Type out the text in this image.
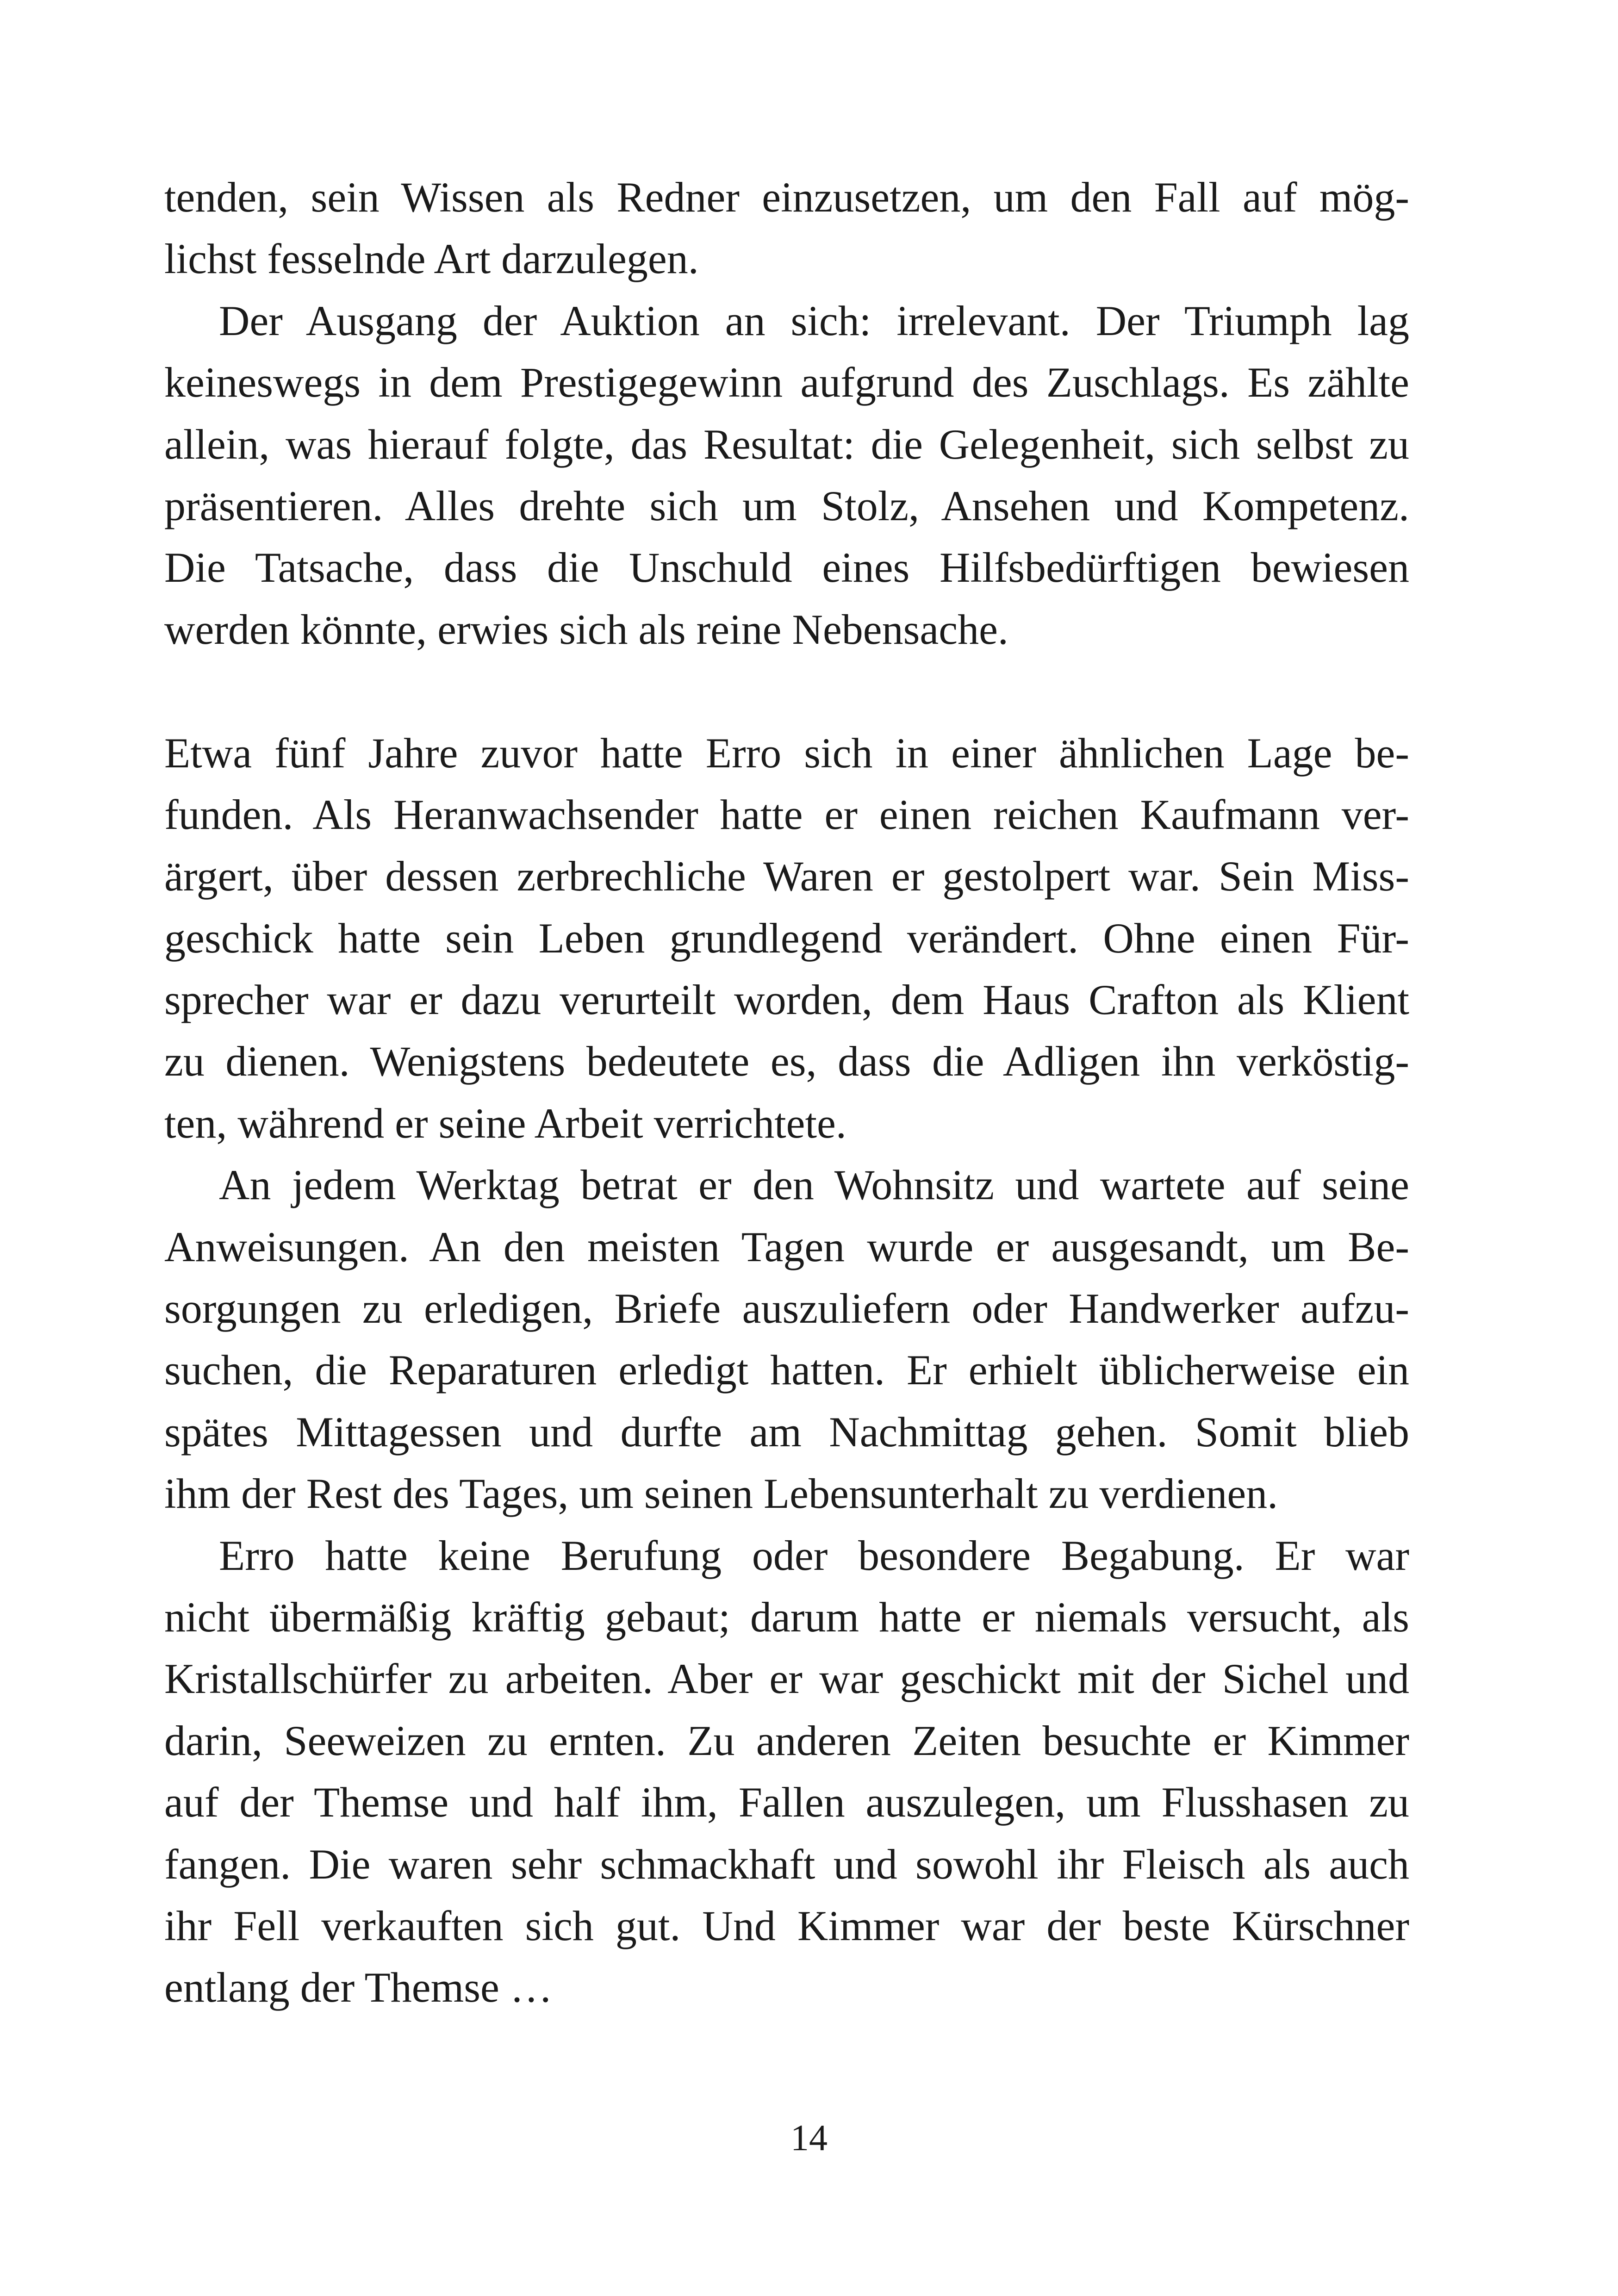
tenden, sein Wissen als Redner einzusetzen, um den Fall auf mög-
lichst fesselnde Art darzulegen.
Der Ausgang der Auktion an sich: irrelevant. Der Triumph lag
keineswegs in dem Prestigegewinn aufgrund des Zuschlags. Es zählte
allein, was hierauf folgte, das Resultat: die Gelegenheit, sich selbst zu
präsentieren. Alles drehte sich um Stolz, Ansehen und Kompetenz.
Die Tatsache, dass die Unschuld eines Hilfsbedürftigen bewiesen
werden könnte, erwies sich als reine Nebensache.
Etwa fünf Jahre zuvor hatte Erro sich in einer ähnlichen Lage be-
funden. Als Heranwachsender hatte er einen reichen Kaufmann ver-
ärgert, über dessen zerbrechliche Waren er gestolpert war. Sein Miss-
geschick hatte sein Leben grundlegend verändert. Ohne einen Für-
sprecher war er dazu verurteilt worden, dem Haus Crafton als Klient
zu dienen. Wenigstens bedeutete es, dass die Adligen ihn verköstig-
ten, während er seine Arbeit verrichtete.
An jedem Werktag betrat er den Wohnsitz und wartete auf seine
Anweisungen. An den meisten Tagen wurde er ausgesandt, um Be-
sorgungen zu erledigen, Briefe auszuliefern oder Handwerker aufzu-
suchen, die Reparaturen erledigt hatten. Er erhielt üblicherweise ein
spätes Mittagessen und durfte am Nachmittag gehen. Somit blieb
ihm der Rest des Tages, um seinen Lebensunterhalt zu verdienen.
Erro hatte keine Berufung oder besondere Begabung. Er war
nicht übermäßig kräftig gebaut; darum hatte er niemals versucht, als
Kristallschürfer zu arbeiten. Aber er war geschickt mit der Sichel und
darin, Seeweizen zu ernten. Zu anderen Zeiten besuchte er Kimmer
auf der Themse und half ihm, Fallen auszulegen, um Flusshasen zu
fangen. Die waren sehr schmackhaft und sowohl ihr Fleisch als auch
ihr Fell verkauften sich gut. Und Kimmer war der beste Kürschner
entlang der Themse …
14
